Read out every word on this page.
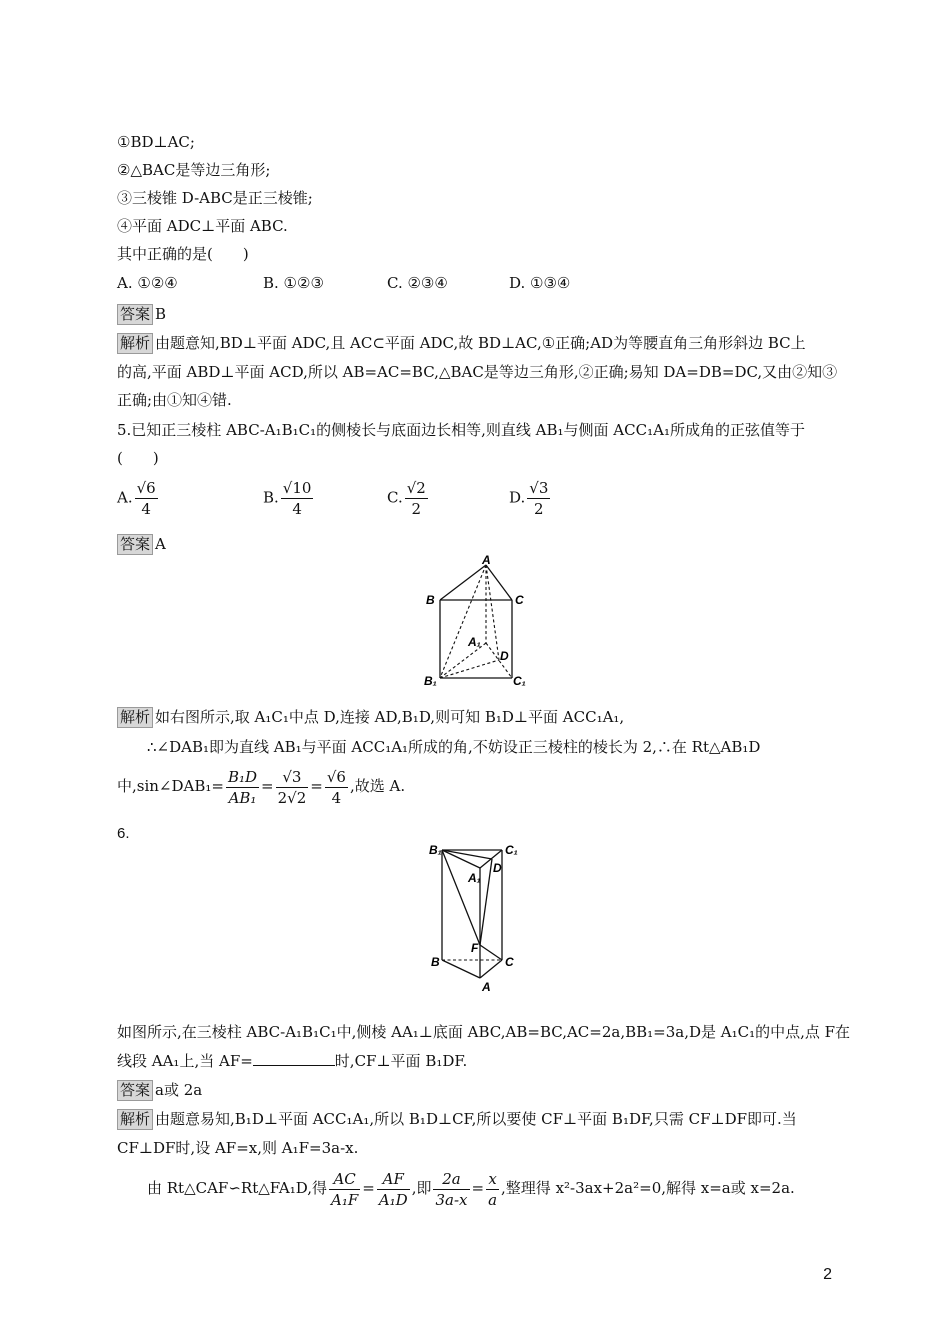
①BD⊥AC;
②△BAC是等边三角形;
③三棱锥 D-ABC是正三棱锥;
④平面 ADC⊥平面 ABC.
其中正确的是(　　)
A. ①②④	B. ①②③	C. ②③④	D. ①③④
答案 B
解析 由题意知,BD⊥平面 ADC,且 AC⊂平面 ADC,故 BD⊥AC,①正确;AD为等腰直角三角形斜边 BC上
的高,平面 ABD⊥平面 ACD,所以 AB=AC=BC,△BAC是等边三角形,②正确;易知 DA=DB=DC,又由②知③
正确;由①知④错.
5.已知正三棱柱 ABC-A₁B₁C₁的侧棱长与底面边长相等,则直线 AB₁与侧面 ACC₁A₁所成角的正弦值等于
(　　)
A. $\frac{√6}{4}$	B. $\frac{√10}{4}$	C. $\frac{√2}{2}$	D. $\frac{√3}{2}$
答案 A
A
B	C
A₁
D
B₁	C₁
解析 如右图所示,取 A₁C₁中点 D,连接 AD,B₁D,则可知 B₁D⊥平面 ACC₁A₁,
∴∠DAB₁即为直线 AB₁与平面 ACC₁A₁所成的角,不妨设正三棱柱的棱长为 2,∴在 Rt△AB₁D
中,sin∠DAB₁= $\frac{\text{B₁D}}{\text{AB₁}} = \frac{√3}{2√2} = \frac{√6}{4}$ ,故选 A.
6.
B₁	C₁
D
A₁
F
B	C
A
如图所示,在三棱柱 ABC-A₁B₁C₁中,侧棱 AA₁⊥底面 ABC,AB=BC,AC=2a,BB₁=3a,D是 A₁C₁的中点,点 F在
线段 AA₁上,当 AF=	时,CF⊥平面 B₁DF.
答案 a或 2a
解析 由题意易知,B₁D⊥平面 ACC₁A₁,所以 B₁D⊥CF,所以要使 CF⊥平面 B₁DF,只需 CF⊥DF即可.当
CF⊥DF时,设 AF=x,则 A₁F=3a-x.
由 Rt△CAF∽Rt△FA₁D,得 $\frac{AC}{\text{A₁F}} = \frac{AF}{\text{A₁D}}$ ,即 $\frac{2a}{3a-x} = \frac{x}{a}$ ,整理得 x²-3ax+2a²=0,解得 x=a或 x=2a.
2
